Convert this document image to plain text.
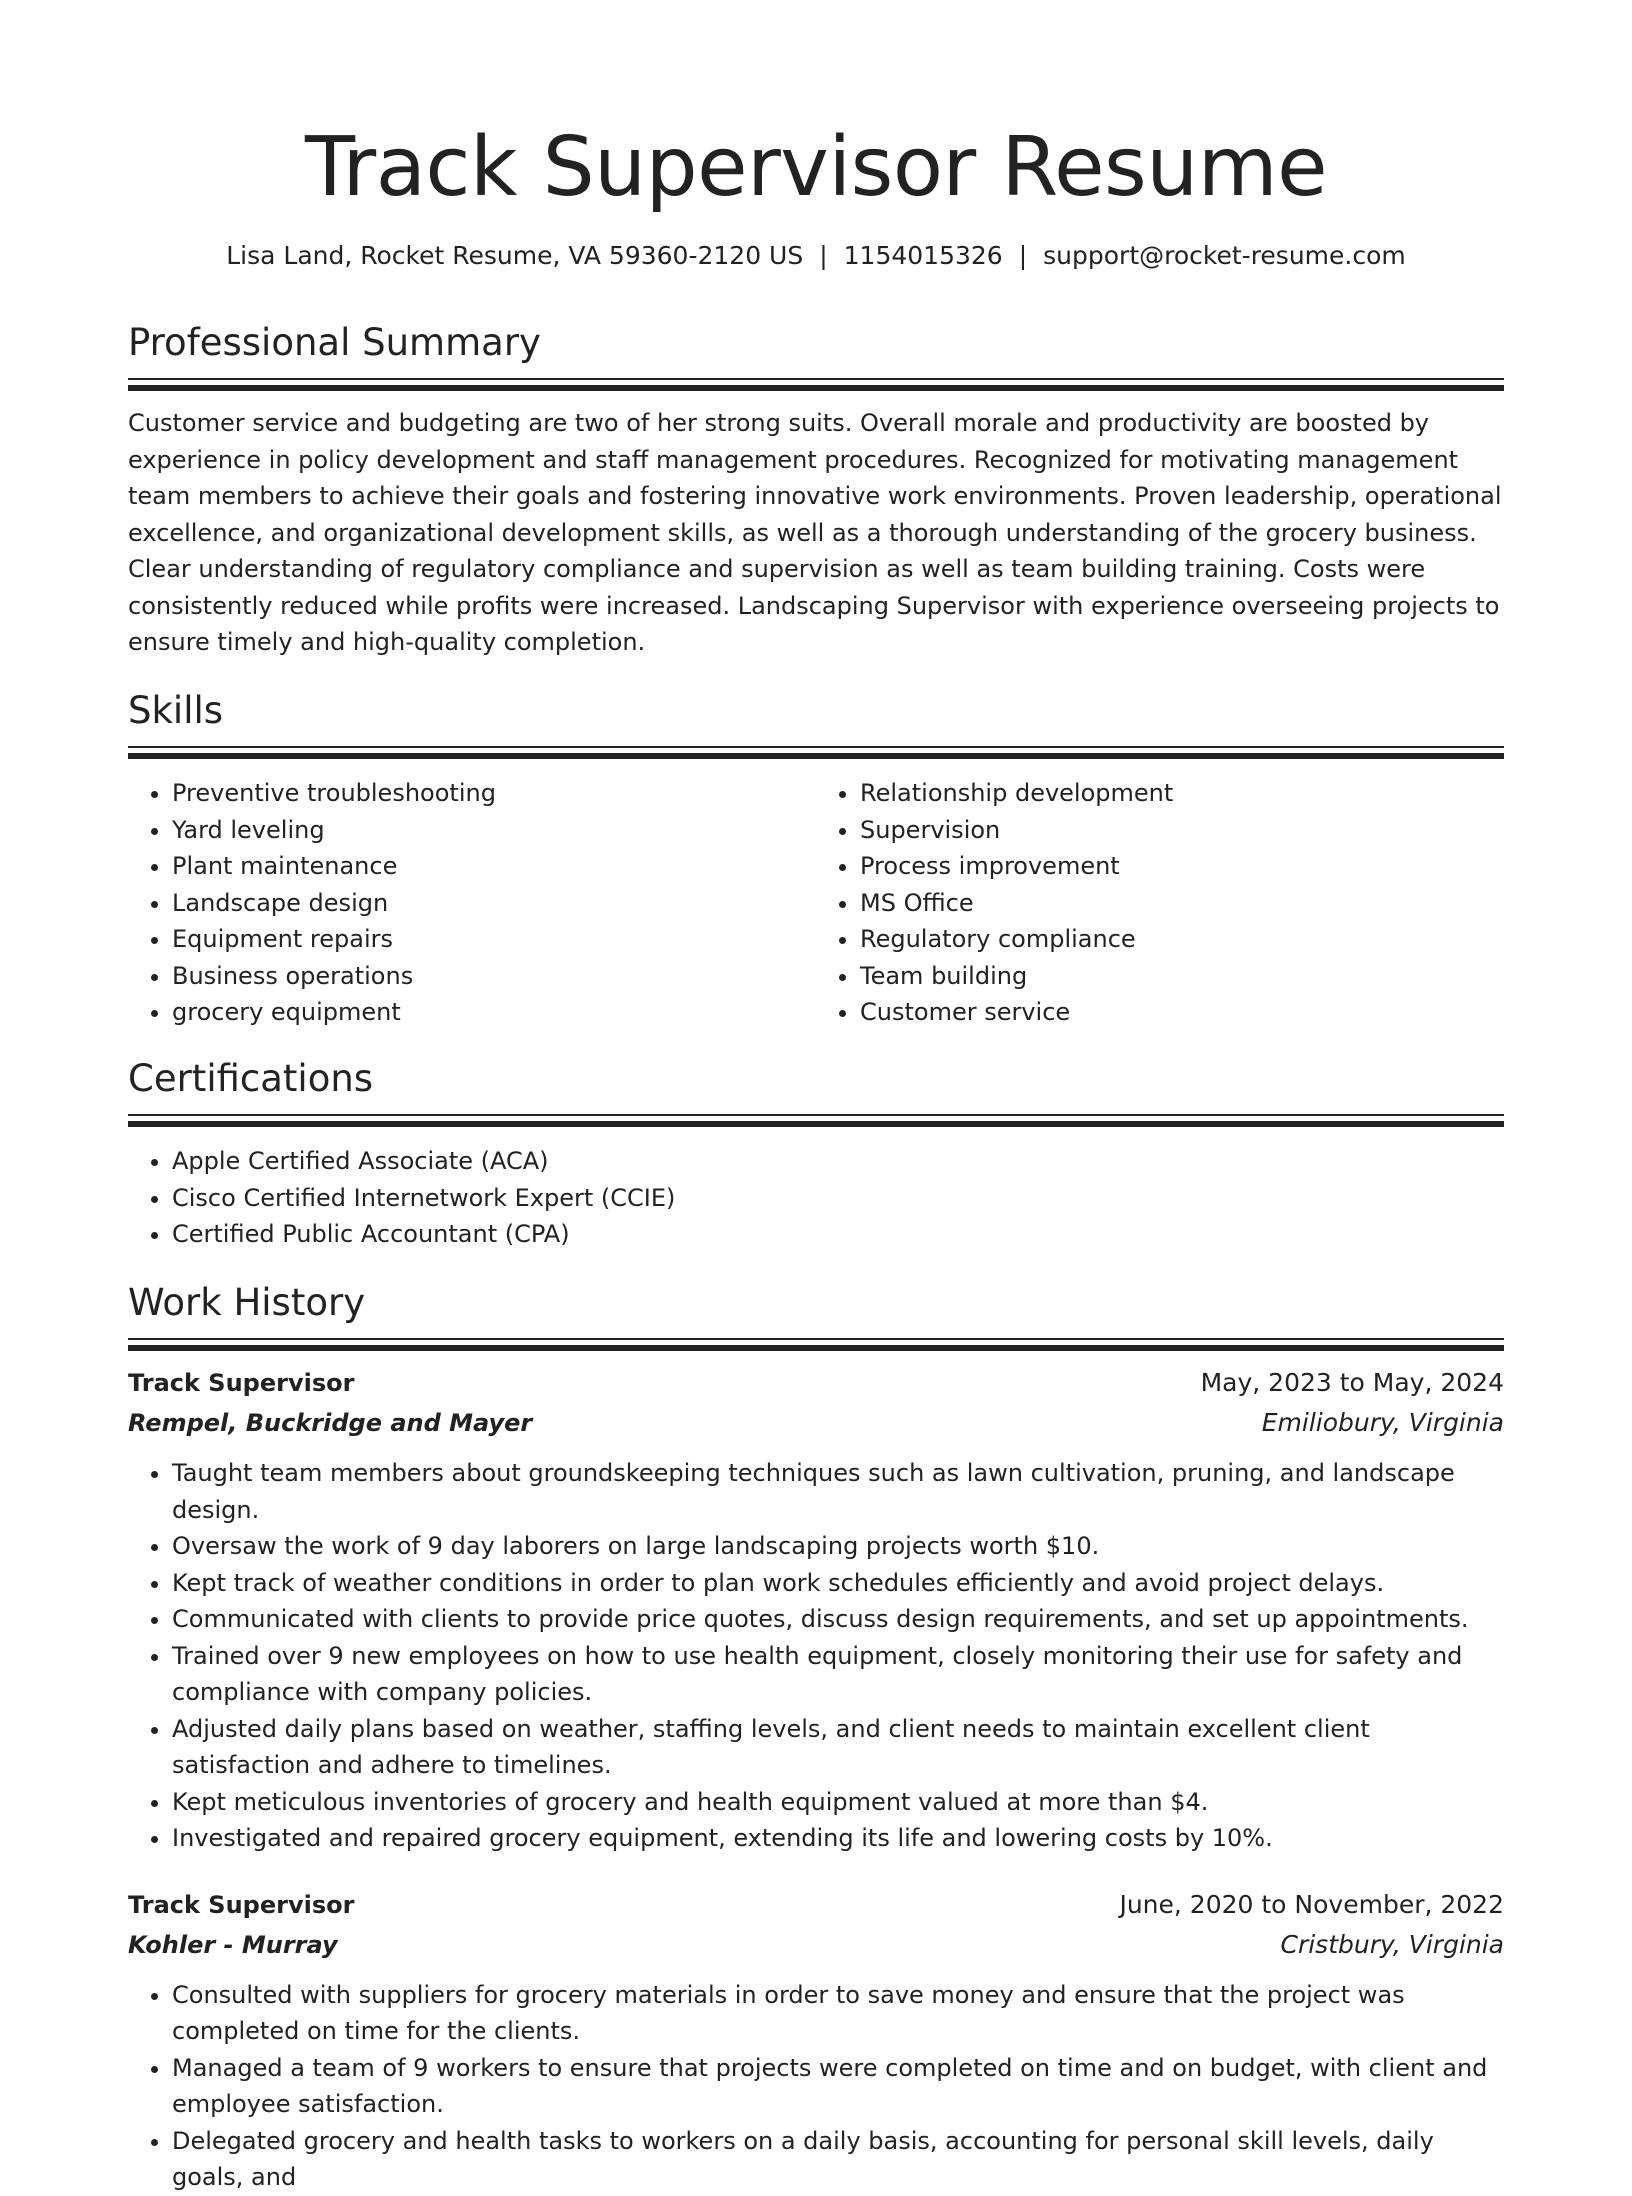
Track Supervisor Resume
Lisa Land, Rocket Resume, VA 59360-2120 US | 1154015326 | support@rocket-resume.com
Professional Summary

Customer service and budgeting are two of her strong suits. Overall morale and productivity are boosted by experience in policy development and staff management procedures. Recognized for motivating management team members to achieve their goals and fostering innovative work environments. Proven leadership, operational excellence, and organizational development skills, as well as a thorough understanding of the grocery business. Clear understanding of regulatory compliance and supervision as well as team building training. Costs were consistently reduced while profits were increased. Landscaping Supervisor with experience overseeing projects to ensure timely and high-quality completion.

Skills
• Preventive troubleshooting
• Yard leveling
• Plant maintenance
• Landscape design
• Equipment repairs
• Business operations
• grocery equipment
• Relationship development
• Supervision
• Process improvement
• MS Office
• Regulatory compliance
• Team building
• Customer service
Certifications
• Apple Certified Associate (ACA)
• Cisco Certified Internetwork Expert (CCIE)
• Certified Public Accountant (CPA)
Work History
Track Supervisor	May, 2023 to May, 2024
Rempel, Buckridge and Mayer	Emiliobury, Virginia
• Taught team members about groundskeeping techniques such as lawn cultivation, pruning, and landscape design.
• Oversaw the work of 9 day laborers on large landscaping projects worth $10.
• Kept track of weather conditions in order to plan work schedules efficiently and avoid project delays.
• Communicated with clients to provide price quotes, discuss design requirements, and set up appointments.
• Trained over 9 new employees on how to use health equipment, closely monitoring their use for safety and compliance with company policies.
• Adjusted daily plans based on weather, staffing levels, and client needs to maintain excellent client satisfaction and adhere to timelines.
• Kept meticulous inventories of grocery and health equipment valued at more than $4.
• Investigated and repaired grocery equipment, extending its life and lowering costs by 10%.
Track Supervisor	June, 2020 to November, 2022
Kohler - Murray	Cristbury, Virginia
• Consulted with suppliers for grocery materials in order to save money and ensure that the project was completed on time for the clients.
• Managed a team of 9 workers to ensure that projects were completed on time and on budget, with client and employee satisfaction.
• Delegated grocery and health tasks to workers on a daily basis, accounting for personal skill levels, daily goals, and
